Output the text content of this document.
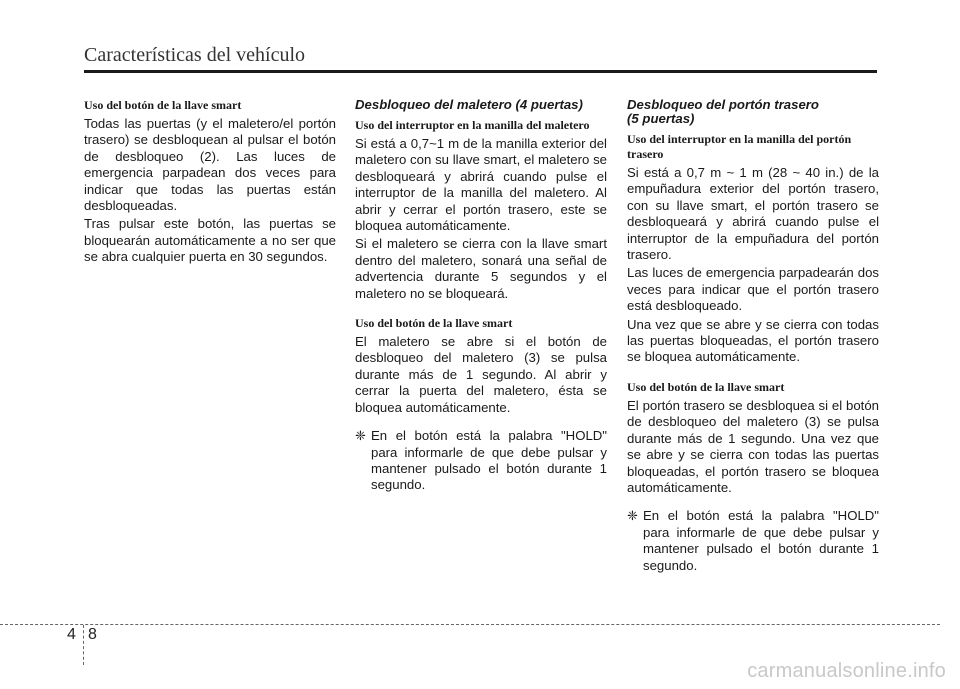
Características del vehículo
Uso del botón de la llave smart

Todas las puertas (y el maletero/el portón trasero) se desbloquean al pulsar el botón de desbloqueo (2). Las luces de emergencia parpadean dos veces para indicar que todas las puertas están desbloqueadas.

Tras pulsar este botón, las puertas se bloquearán automáticamente a no ser que se abra cualquier puerta en 30 segundos.

Desbloqueo del maletero (4 puertas)
Uso del interruptor en la manilla del maletero

Si está a 0,7~1 m de la manilla exterior del maletero con su llave smart, el maletero se desbloqueará y abrirá cuando pulse el interruptor de la manilla del maletero. Al abrir y cerrar el portón trasero, este se bloquea automáticamente.

Si el maletero se cierra con la llave smart dentro del maletero, sonará una señal de advertencia durante 5 segundos y el maletero no se bloqueará.

Uso del botón de la llave smart

El maletero se abre si el botón de desbloqueo del maletero (3) se pulsa durante más de 1 segundo. Al abrir y cerrar la puerta del maletero, ésta se bloquea automáticamente.

❈ En el botón está la palabra "HOLD" para informarle de que debe pulsar y mantener pulsado el botón durante 1 segundo.
Desbloqueo del portón trasero
(5 puertas)
Uso del interruptor en la manilla del portón trasero

Si está a 0,7 m ~ 1 m (28 ~ 40 in.) de la empuñadura exterior del portón trasero, con su llave smart, el portón trasero se desbloqueará y abrirá cuando pulse el interruptor de la empuñadura del portón trasero.

Las luces de emergencia parpadearán dos veces para indicar que el portón trasero está desbloqueado.

Una vez que se abre y se cierra con todas las puertas bloqueadas, el portón trasero se bloquea automáticamente.

Uso del botón de la llave smart

El portón trasero se desbloquea si el botón de desbloqueo del maletero (3) se pulsa durante más de 1 segundo. Una vez que se abre y se cierra con todas las puertas bloqueadas, el portón trasero se bloquea automáticamente.

❈ En el botón está la palabra "HOLD" para informarle de que debe pulsar y mantener pulsado el botón durante 1 segundo.
4 8
carmanualsonline.info
